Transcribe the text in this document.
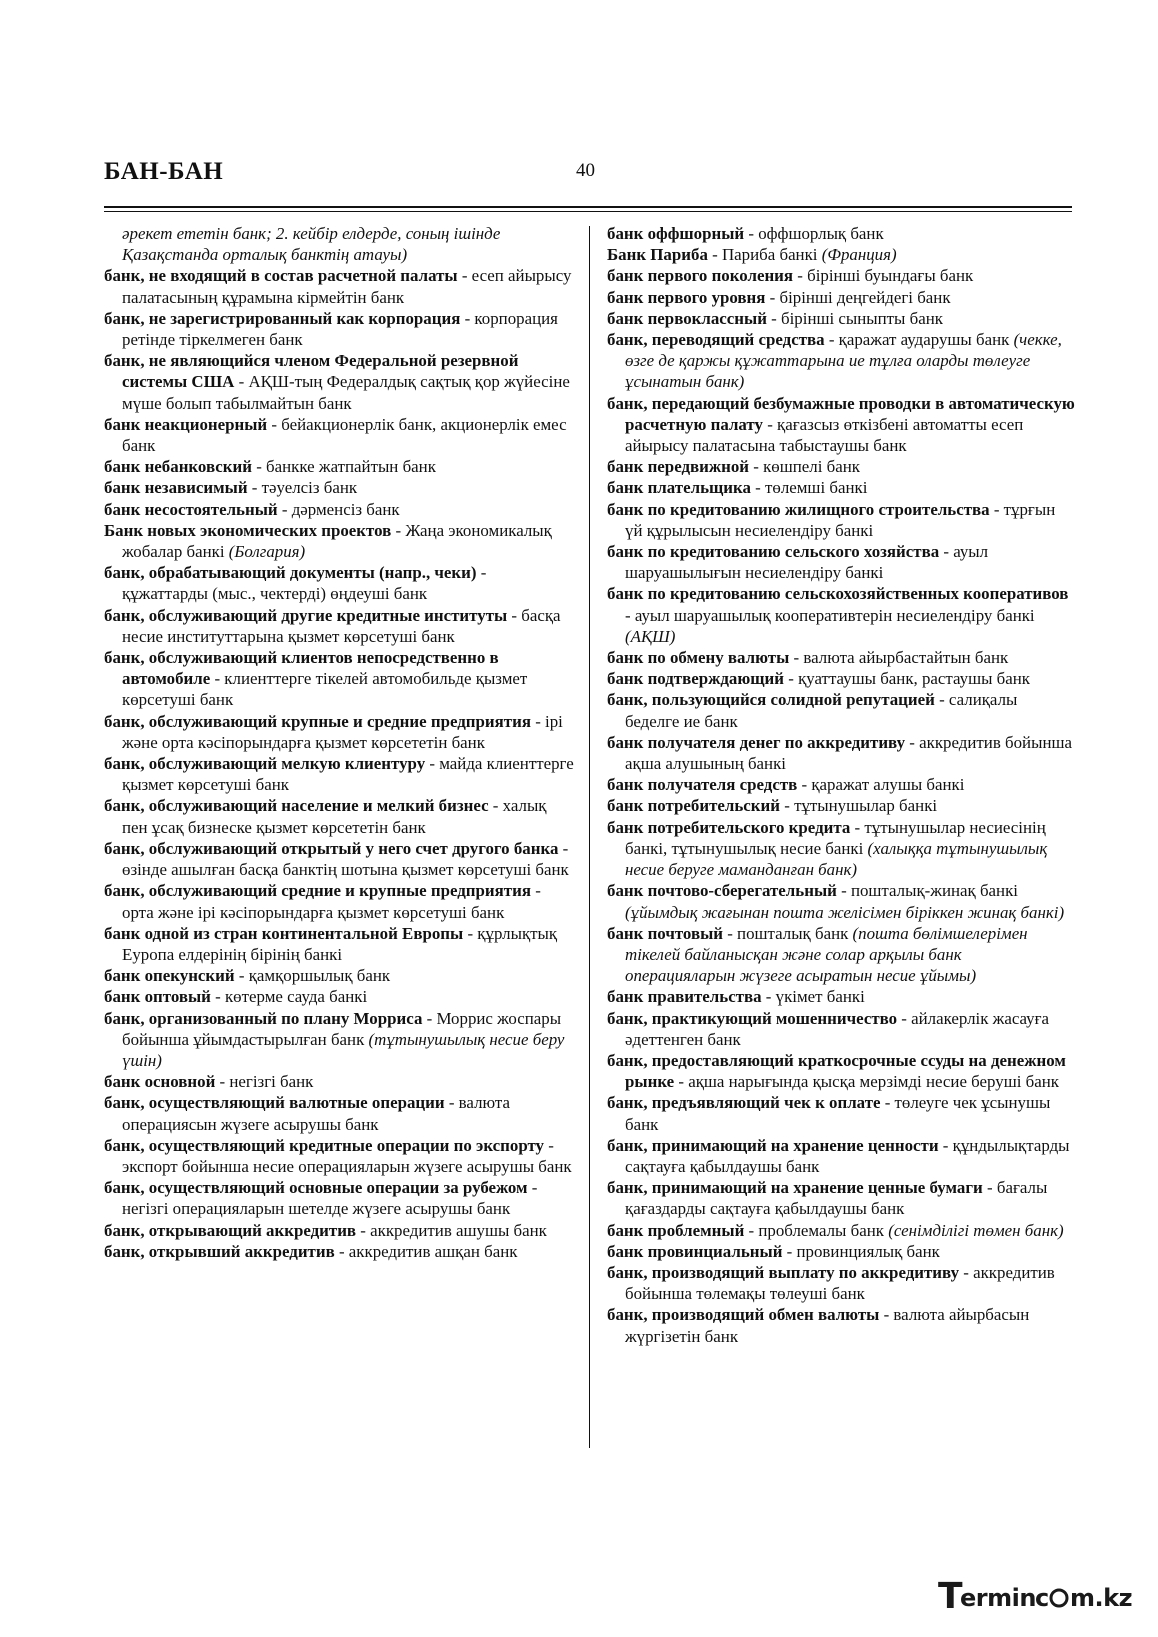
БАН-БАН	40
әрекет ететін банк; 2. кейбір елдерде, соның ішінде Қазақстанда орталық банктің атауы)
банк, не входящий в состав расчетной палаты - есеп айырысу палатасының құрамына кірмейтін банк
банк, не зарегистрированный как корпорация - корпорация ретінде тіркелмеген банк
банк, не являющийся членом Федеральной резервной системы США - АҚШ-тың Федералдық сақтық қор жүйесіне мүше болып табылмайтын банк
банк неакционерный - бейакционерлік банк, акционерлік емес банк
банк небанковский - банкке жатпайтын банк
банк независимый - тәуелсіз банк
банк несостоятельный - дәрменсіз банк
Банк новых экономических проектов - Жаңа экономикалық жобалар банкі (Болгария)
банк, обрабатывающий документы (напр., чеки) - құжаттарды (мыс., чектерді) өңдеуші банк
банк, обслуживающий другие кредитные институты - басқа несие институттарына қызмет көрсетуші банк
банк, обслуживающий клиентов непосредственно в автомобиле - клиенттерге тікелей автомобильде қызмет көрсетуші банк
банк, обслуживающий крупные и средние предприятия - ірі және орта кәсіпорындарға қызмет көрсететін банк
банк, обслуживающий мелкую клиентуру - майда клиенттерге қызмет көрсетуші банк
банк, обслуживающий население и мелкий бизнес - халық пен ұсақ бизнеске қызмет көрсететін банк
банк, обслуживающий открытый у него счет другого банка - өзінде ашылған басқа банктің шотына қызмет көрсетуші банк
банк, обслуживающий средние и крупные предприятия - орта және ірі кәсіпорындарға қызмет көрсетуші банк
банк одной из стран континентальной Европы - құрлықтық Еуропа елдерінің бірінің банкі
банк опекунский - қамқоршылық банк
банк оптовый - көтерме сауда банкі
банк, организованный по плану Морриса - Моррис жоспары бойынша ұйымдастырылған банк (тұтынушылық несие беру үшін)
банк основной - негізгі банк
банк, осуществляющий валютные операции - валюта операциясын жүзеге асырушы банк
банк, осуществляющий кредитные операции по экспорту - экспорт бойынша несие операцияларын жүзеге асырушы банк
банк, осуществляющий основные операции за рубежом - негізгі операцияларын шетелде жүзеге асырушы банк
банк, открывающий аккредитив - аккредитив ашушы банк
банк, открывший аккредитив - аккредитив ашқан банк
банк оффшорный - оффшорлық банк
Банк Париба - Париба банкі (Франция)
банк первого поколения - бірінші буындағы банк
банк первого уровня - бірінші деңгейдегі банк
банк первоклассный - бірінші сыныпты банк
банк, переводящий средства - қаражат аударушы банк (чекке, өзге де қаржы құжаттарына ие тұлға оларды төлеуге ұсынатын банк)
банк, передающий безбумажные проводки в автоматическую расчетную палату - қағазсыз өткізбені автоматты есеп айырысу палатасына табыстаушы банк
банк передвижной - көшпелі банк
банк плательщика - төлемші банкі
банк по кредитованию жилищного строительства - тұрғын үй құрылысын несиелендіру банкі
банк по кредитованию сельского хозяйства - ауыл шаруашылығын несиелендіру банкі
банк по кредитованию сельскохозяйственных кооперативов - ауыл шаруашылық кооперативтерін несиелендіру банкі (АҚШ)
банк по обмену валюты - валюта айырбастайтын банк
банк подтверждающий - қуаттаушы банк, растаушы банк
банк, пользующийся солидной репутацией - салиқалы беделге ие банк
банк получателя денег по аккредитиву - аккредитив бойынша ақша алушының банкі
банк получателя средств - қаражат алушы банкі
банк потребительский - тұтынушылар банкі
банк потребительского кредита - тұтынушылар несиесінің банкі, тұтынушылық несие банкі (халыққа тұтынушылық несие беруге маманданған банк)
банк почтово-сберегательный - пошталық-жинақ банкі (ұйымдық жағынан пошта желісімен біріккен жинақ банкі)
банк почтовый - пошталық банк (пошта бөлімшелерімен тікелей байланысқан және солар арқылы банк операцияларын жүзеге асыратын несие ұйымы)
банк правительства - үкімет банкі
банк, практикующий мошенничество - айлакерлік жасауға әдеттенген банк
банк, предоставляющий краткосрочные ссуды на денежном рынке - ақша нарығында қысқа мерзімді несие беруші банк
банк, предъявляющий чек к оплате - төлеуге чек ұсынушы банк
банк, принимающий на хранение ценности - құндылықтарды сақтауға қабылдаушы банк
банк, принимающий на хранение ценные бумаги - бағалы қағаздарды сақтауға қабылдаушы банк
банк проблемный - проблемалы банк (сенімділігі төмен банк)
банк провинциальный - провинциялық банк
банк, производящий выплату по аккредитиву - аккредитив бойынша төлемақы төлеуші банк
банк, производящий обмен валюты - валюта айырбасын жүргізетін банк
T
ermin c m.kz
